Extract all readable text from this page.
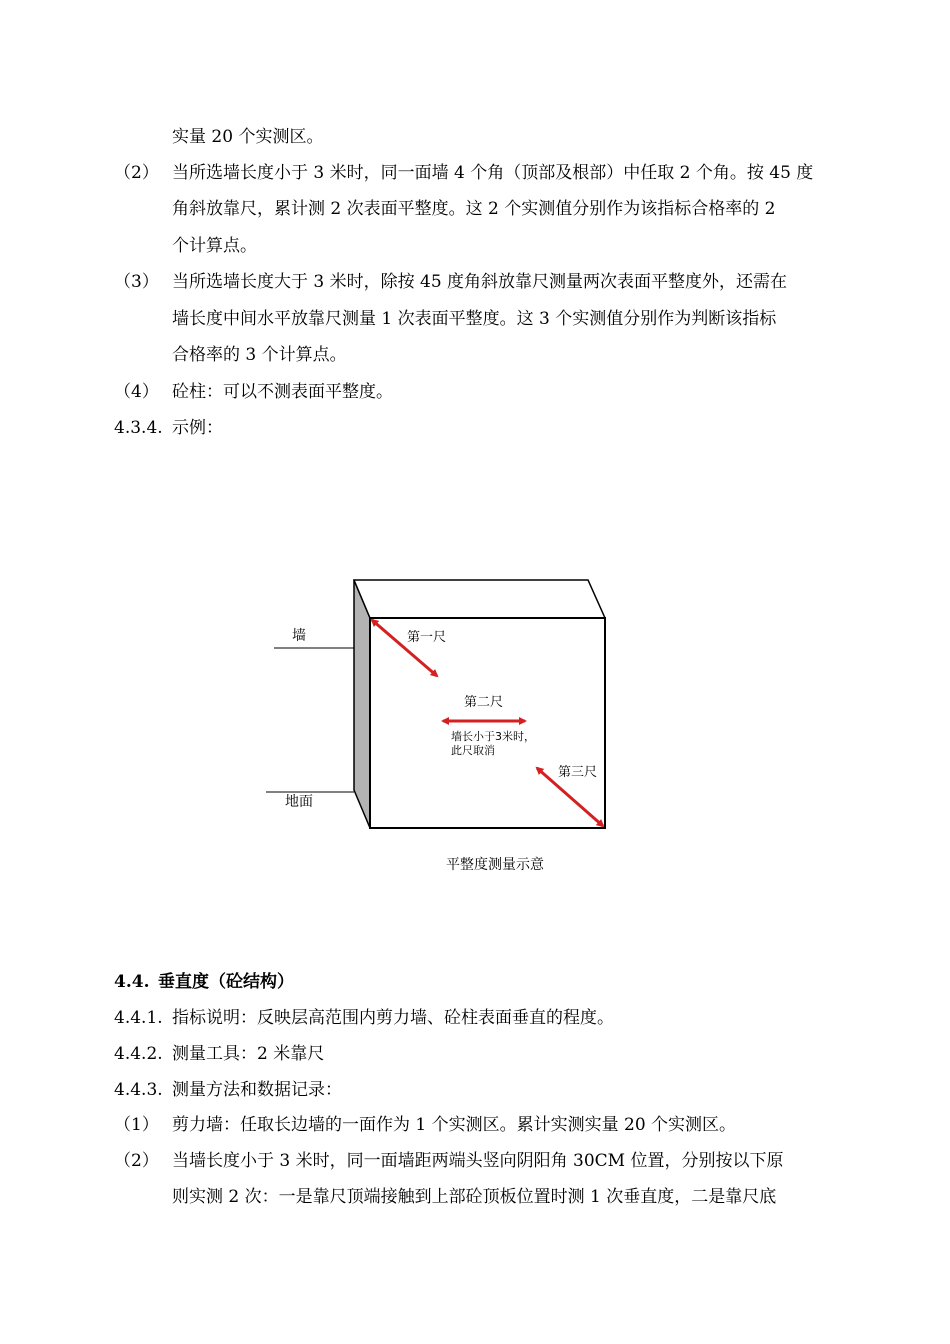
实量 20 个实测区。
（2） 当所选墙长度小于 3 米时，同一面墙 4 个角（顶部及根部）中任取 2 个角。按 45 度
角斜放靠尺，累计测 2 次表面平整度。这 2 个实测值分别作为该指标合格率的 2
个计算点。
（3） 当所选墙长度大于 3 米时，除按 45 度角斜放靠尺测量两次表面平整度外，还需在
墙长度中间水平放靠尺测量 1 次表面平整度。这 3 个实测值分别作为判断该指标
合格率的 3 个计算点。
（4） 砼柱：可以不测表面平整度。
4.3.4. 示例：
墙
地面
第一尺
第二尺
墙长小于3米时，
此尺取消
第三尺
平整度测量示意
4.4. 垂直度（砼结构）
4.4.1. 指标说明：反映层高范围内剪力墙、砼柱表面垂直的程度。
4.4.2. 测量工具：2 米靠尺
4.4.3. 测量方法和数据记录：
（1） 剪力墙：任取长边墙的一面作为 1 个实测区。累计实测实量 20 个实测区。
（2） 当墙长度小于 3 米时，同一面墙距两端头竖向阴阳角 30CM 位置，分别按以下原
则实测 2 次：一是靠尺顶端接触到上部砼顶板位置时测 1 次垂直度，二是靠尺底
